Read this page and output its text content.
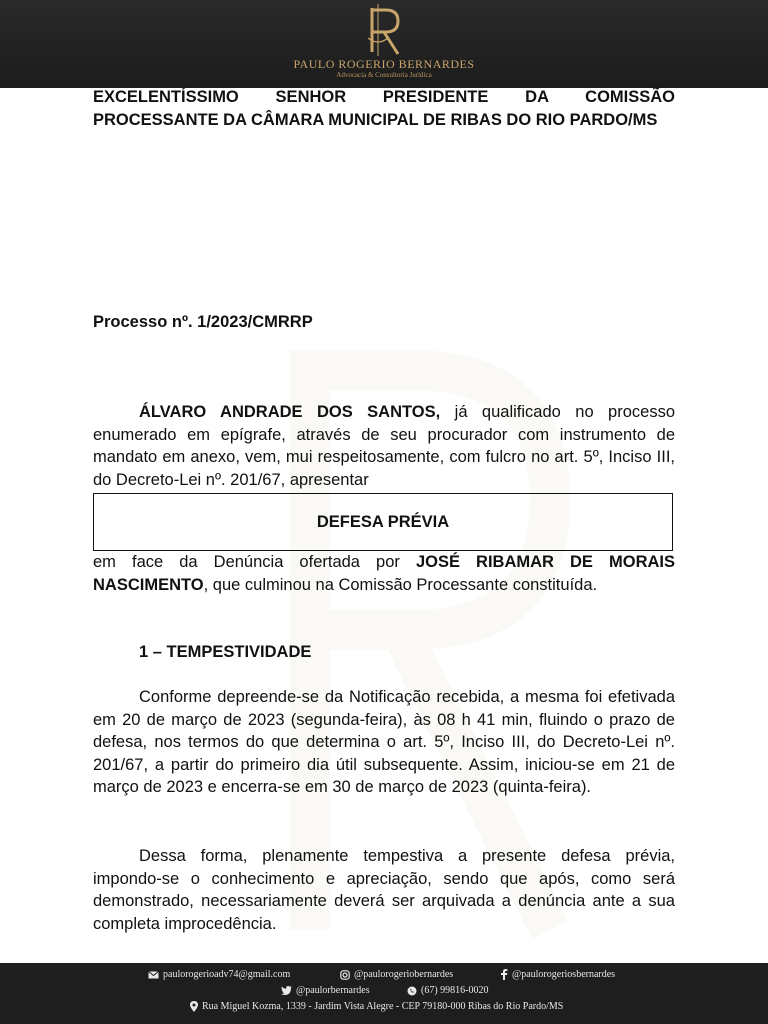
PAULO ROGERIO BERNARDES
Advocacia & Consultoria Jurídica
EXCELENTÍSSIMO SENHOR PRESIDENTE DA COMISSÃO PROCESSANTE DA CÂMARA MUNICIPAL DE RIBAS DO RIO PARDO/MS
Processo nº. 1/2023/CMRRP
ÁLVARO ANDRADE DOS SANTOS, já qualificado no processo enumerado em epígrafe, através de seu procurador com instrumento de mandato em anexo, vem, mui respeitosamente, com fulcro no art. 5º, Inciso III, do Decreto-Lei nº. 201/67, apresentar
DEFESA PRÉVIA
em face da Denúncia ofertada por JOSÉ RIBAMAR DE MORAIS NASCIMENTO, que culminou na Comissão Processante constituída.
1 – TEMPESTIVIDADE
Conforme depreende-se da Notificação recebida, a mesma foi efetivada em 20 de março de 2023 (segunda-feira), às 08 h 41 min, fluindo o prazo de defesa, nos termos do que determina o art. 5º, Inciso III, do Decreto-Lei nº. 201/67, a partir do primeiro dia útil subsequente. Assim, iniciou-se em 21 de março de 2023 e encerra-se em 30 de março de 2023 (quinta-feira).
Dessa forma, plenamente tempestiva a presente defesa prévia, impondo-se o conhecimento e apreciação, sendo que após, como será demonstrado, necessariamente deverá ser arquivada a denúncia ante a sua completa improcedência.
paulorogerioadv74@gmail.com	@paulorogeriobernardes	@paulorogeriosbernardes
@paulorbernardes	(67) 99816-0020
Rua Miguel Kozma, 1339 - Jardim Vista Alegre - CEP 79180-000 Ribas do Rio Pardo/MS
